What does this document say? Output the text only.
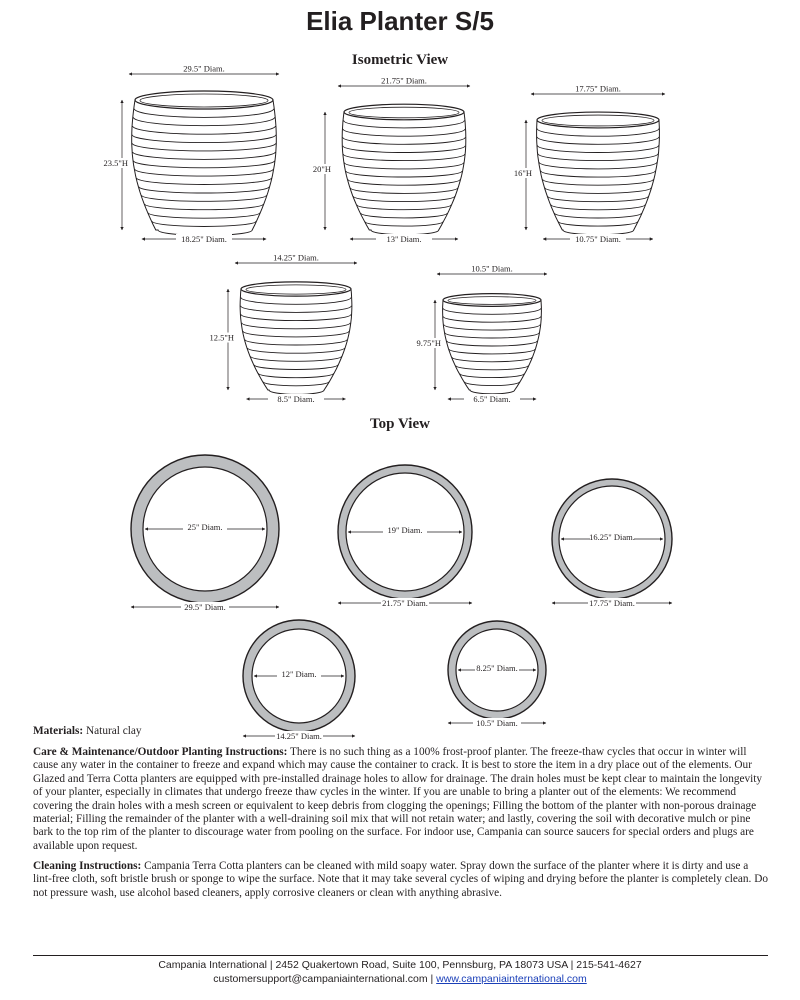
Elia Planter S/5
Isometric View
Top View
29.5" Diam.
18.25" Diam.
23.5"H
21.75" Diam.
13" Diam.
20"H
17.75" Diam.
10.75" Diam.
16"H
14.25" Diam.
8.5" Diam.
12.5"H
10.5" Diam.
6.5" Diam.
9.75"H
25" Diam.
29.5" Diam.
19" Diam.
21.75" Diam.
16.25" Diam.
17.75" Diam.
12" Diam.
14.25" Diam.
8.25" Diam.
10.5" Diam.
Materials: Natural clay
Care & Maintenance/Outdoor Planting Instructions: There is no such thing as a 100% frost-proof planter. The freeze-thaw cycles that occur in winter will cause any water in the container to freeze and expand which may cause the container to crack. It is best to store the item in a dry place out of the elements. Our Glazed and Terra Cotta planters are equipped with pre-installed drainage holes to allow for drainage. The drain holes must be kept clear to maintain the longevity of your planter, especially in climates that undergo freeze thaw cycles in the winter. If you are unable to bring a planter out of the elements: We recommend covering the drain holes with a mesh screen or equivalent to keep debris from clogging the openings; Filling the bottom of the planter with non-porous drainage material; Filling the remainder of the planter with a well-draining soil mix that will not retain water; and lastly, covering the soil with decorative mulch or pine bark to the top rim of the planter to discourage water from pooling on the surface. For indoor use, Campania can source saucers for special orders and plugs are available upon request.
Cleaning Instructions: Campania Terra Cotta planters can be cleaned with mild soapy water. Spray down the surface of the planter where it is dirty and use a lint-free cloth, soft bristle brush or sponge to wipe the surface. Note that it may take several cycles of wiping and drying before the planter is completely clean. Do not pressure wash, use alcohol based cleaners, apply corrosive cleaners or clean with anything abrasive.
Campania International | 2452 Quakertown Road, Suite 100, Pennsburg, PA 18073 USA | 215-541-4627
customersupport@campaniainternational.com | www.campaniainternational.com
